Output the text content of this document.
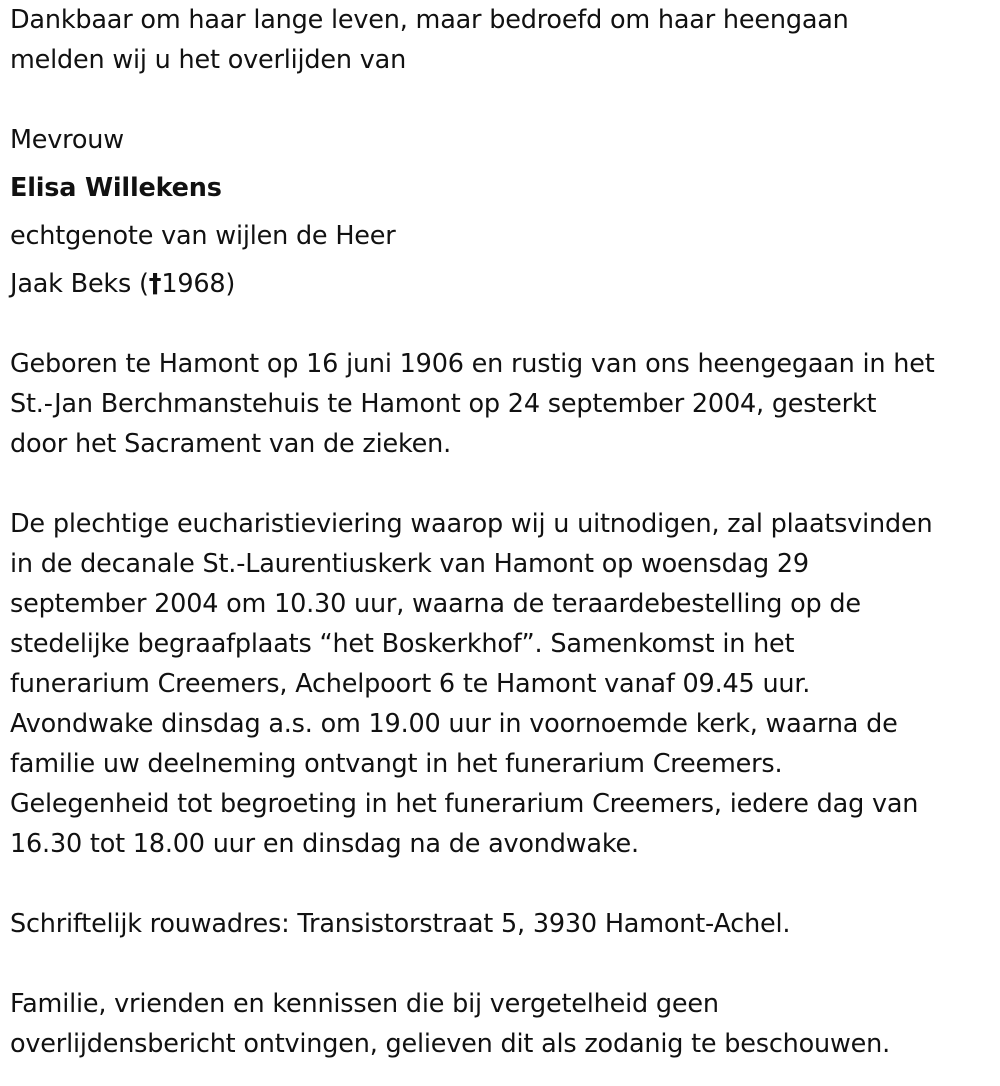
Dankbaar om haar lange leven, maar bedroefd om haar heengaan
melden wij u het overlijden van

Mevrouw

Elisa Willekens

echtgenote van wijlen de Heer

Jaak Beks (†1968)

Geboren te Hamont op 16 juni 1906 en rustig van ons heengegaan in het
St.-Jan Berchmanstehuis te Hamont op 24 september 2004, gesterkt
door het Sacrament van de zieken.

De plechtige eucharistieviering waarop wij u uitnodigen, zal plaatsvinden
in de decanale St.-Laurentiuskerk van Hamont op woensdag 29
september 2004 om 10.30 uur, waarna de teraardebestelling op de
stedelijke begraafplaats “het Boskerkhof”. Samenkomst in het
funerarium Creemers, Achelpoort 6 te Hamont vanaf 09.45 uur.
Avondwake dinsdag a.s. om 19.00 uur in voornoemde kerk, waarna de
familie uw deelneming ontvangt in het funerarium Creemers.
Gelegenheid tot begroeting in het funerarium Creemers, iedere dag van
16.30 tot 18.00 uur en dinsdag na de avondwake.

Schriftelijk rouwadres: Transistorstraat 5, 3930 Hamont-Achel.

Familie, vrienden en kennissen die bij vergetelheid geen
overlijdensbericht ontvingen, gelieven dit als zodanig te beschouwen.
